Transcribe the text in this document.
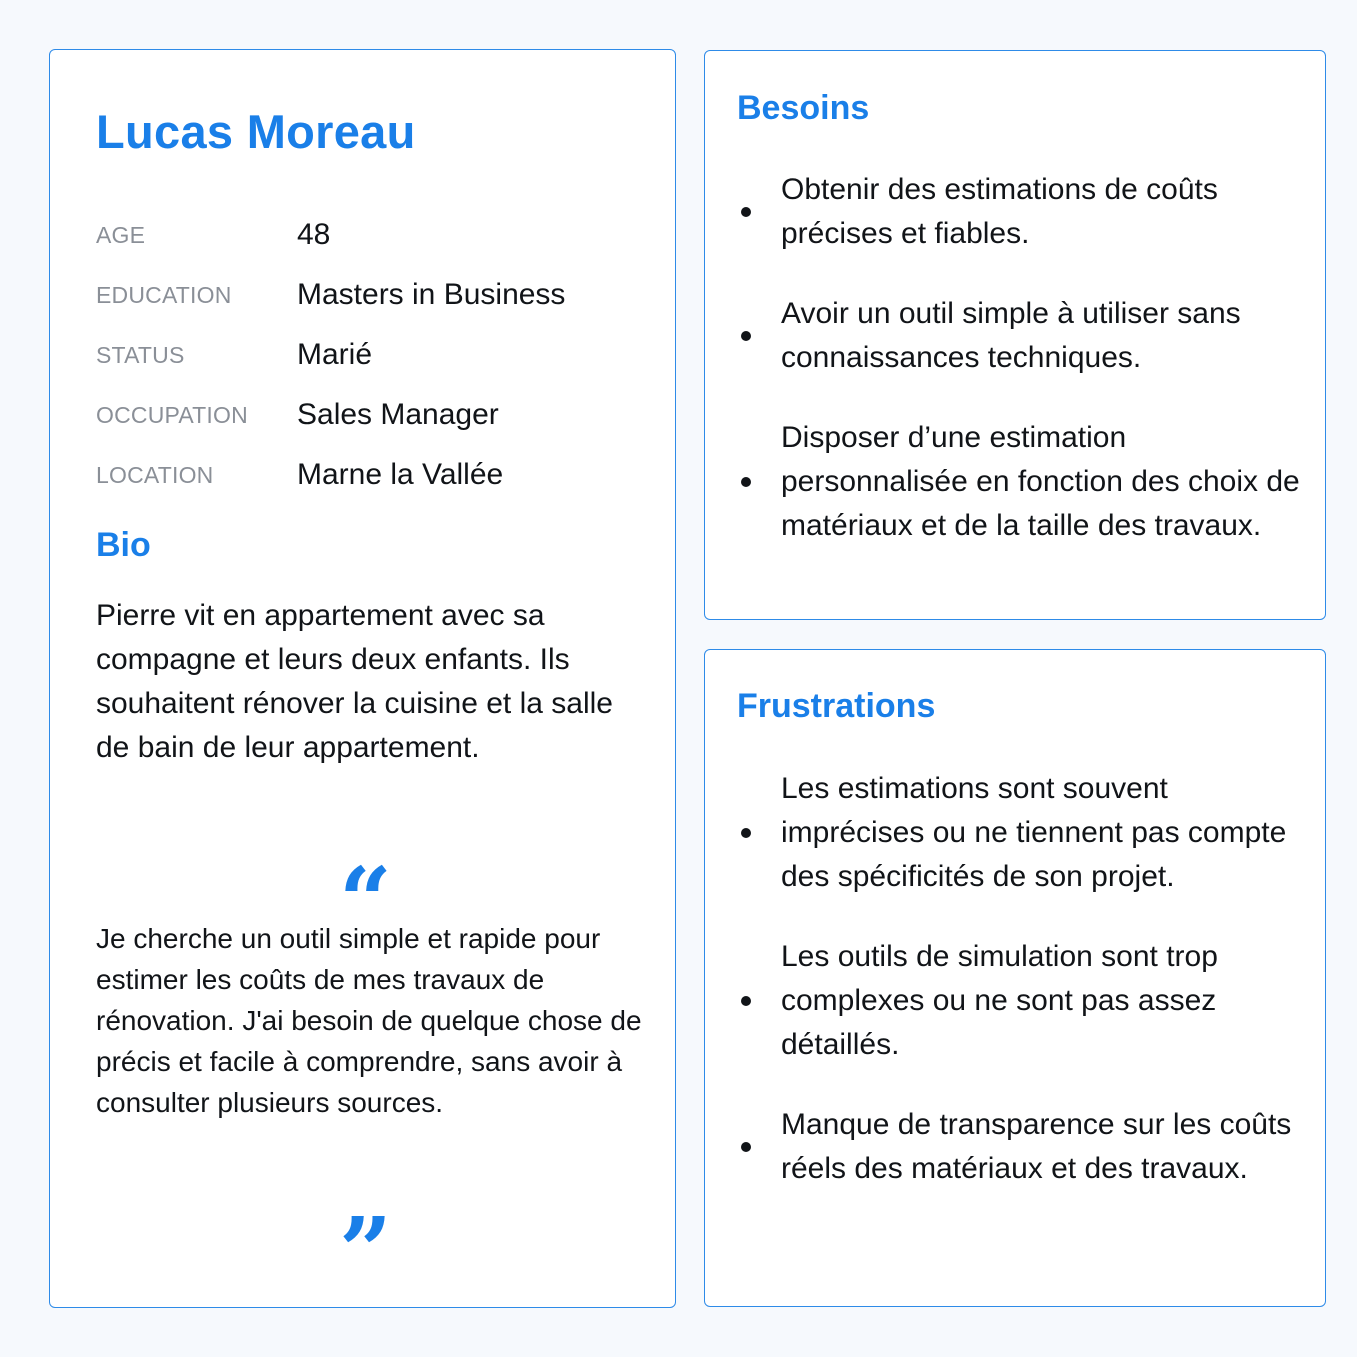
Lucas Moreau
AGE	48
EDUCATION	Masters in Business
STATUS	Marié
OCCUPATION	Sales Manager
LOCATION	Marne la Vallée
Bio

Pierre vit en appartement avec sa compagne et leurs deux enfants. Ils souhaitent rénover la cuisine et la salle de bain de leur appartement.

“

Je cherche un outil simple et rapide pour estimer les coûts de mes travaux de rénovation. J'ai besoin de quelque chose de précis et facile à comprendre, sans avoir à consulter plusieurs sources.

”
Besoins
Obtenir des estimations de coûts précises et fiables.
Avoir un outil simple à utiliser sans connaissances techniques.
Disposer d’une estimation personnalisée en fonction des choix de matériaux et de la taille des travaux.
Frustrations
Les estimations sont souvent imprécises ou ne tiennent pas compte des spécificités de son projet.
Les outils de simulation sont trop complexes ou ne sont pas assez détaillés.
Manque de transparence sur les coûts réels des matériaux et des travaux.
